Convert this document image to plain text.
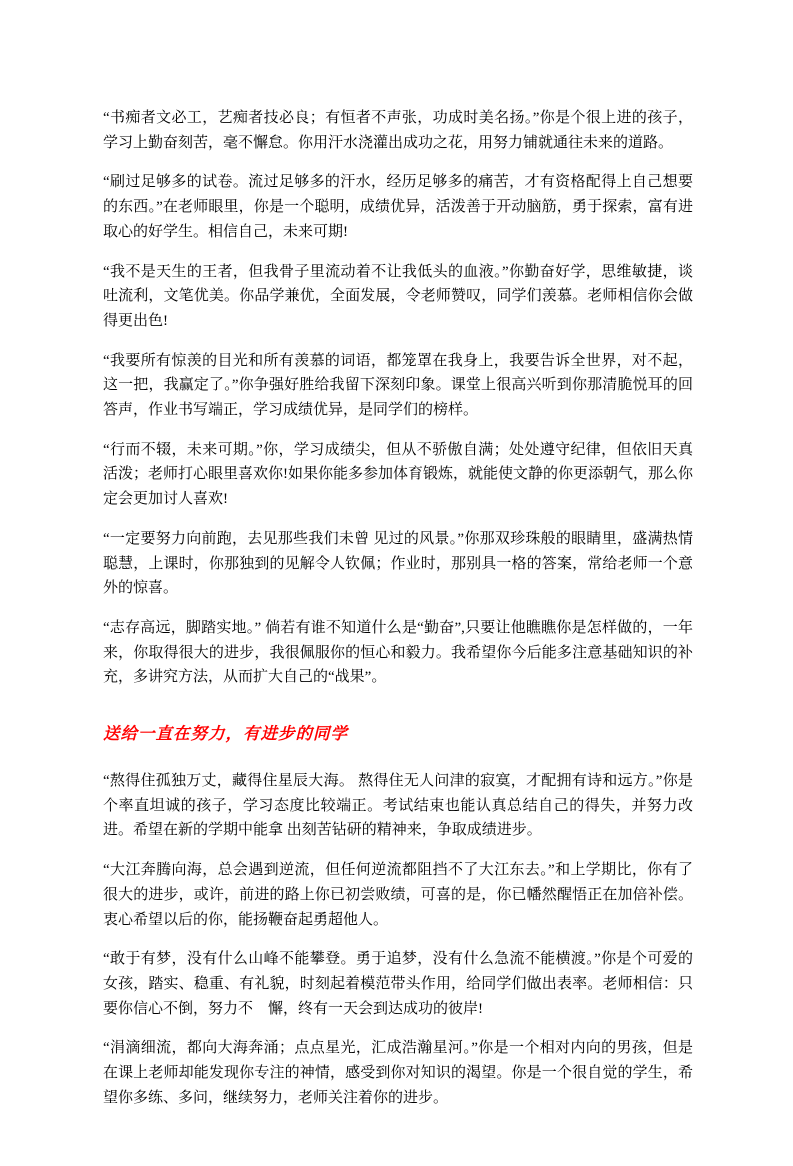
“书痴者文必工，艺痴者技必良；有恒者不声张，功成时美名扬。”你是个很上进的孩子，学习上勤奋刻苦，毫不懈怠。你用汗水浇灌出成功之花，用努力铺就通往未来的道路。

“刷过足够多的试卷。流过足够多的汗水，经历足够多的痛苦，才有资格配得上自己想要的东西。”在老师眼里，你是一个聪明，成绩优异，活泼善于开动脑筋，勇于探索，富有进取心的好学生。相信自己，未来可期!

“我不是天生的王者，但我骨子里流动着不让我低头的血液。”你勤奋好学，思维敏捷，谈吐流利，文笔优美。你品学兼优，全面发展，令老师赞叹，同学们羡慕。老师相信你会做得更出色!

“我要所有惊羡的目光和所有羡慕的词语，都笼罩在我身上，我要告诉全世界，对不起，这一把，我赢定了。”你争强好胜给我留下深刻印象。课堂上很高兴听到你那清脆悦耳的回答声，作业书写端正，学习成绩优异，是同学们的榜样。

“行而不辍，未来可期。”你，学习成绩尖，但从不骄傲自满；处处遵守纪律，但依旧天真活泼；老师打心眼里喜欢你!如果你能多参加体育锻炼，就能使文静的你更添朝气，那么你定会更加讨人喜欢!

“一定要努力向前跑，去见那些我们未曾 见过的风景。”你那双珍珠般的眼睛里，盛满热情聪慧，上课时，你那独到的见解令人钦佩；作业时，那别具一格的答案，常给老师一个意外的惊喜。

“志存高远，脚踏实地。” 倘若有谁不知道什么是“勤奋”,只要让他瞧瞧你是怎样做的，一年来，你取得很大的进步，我很佩服你的恒心和毅力。我希望你今后能多注意基础知识的补充，多讲究方法，从而扩大自己的“战果”。

送给一直在努力，有进步的同学

“熬得住孤独万丈，藏得住星辰大海。 熬得住无人问津的寂寞，才配拥有诗和远方。”你是个率直坦诚的孩子，学习态度比较端正。考试结束也能认真总结自己的得失，并努力改进。希望在新的学期中能拿 出刻苦钻研的精神来，争取成绩进步。

“大江奔腾向海，总会遇到逆流，但任何逆流都阻挡不了大江东去。”和上学期比，你有了很大的进步，或许，前进的路上你已初尝败绩，可喜的是，你已幡然醒悟正在加倍补偿。衷心希望以后的你，能扬鞭奋起勇超他人。

“敢于有梦，没有什么山峰不能攀登。勇于追梦，没有什么急流不能横渡。”你是个可爱的女孩，踏实、稳重、有礼貌，时刻起着模范带头作用，给同学们做出表率。老师相信：只要你信心不倒，努力不　懈，终有一天会到达成功的彼岸!

“涓滴细流，都向大海奔涌；点点星光，汇成浩瀚星河。”你是一个相对内向的男孩，但是在课上老师却能发现你专注的神情，感受到你对知识的渴望。你是一个很自觉的学生，希望你多练、多问，继续努力，老师关注着你的进步。
